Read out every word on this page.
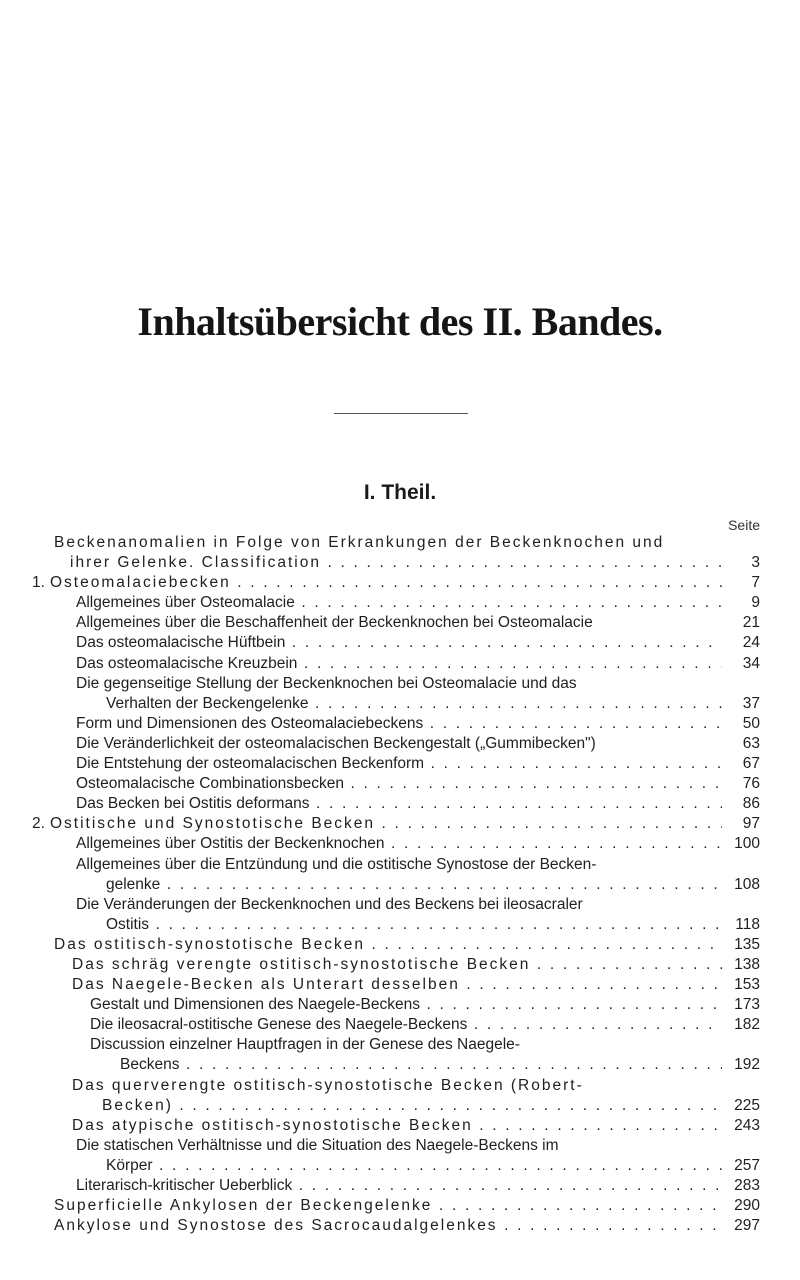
Inhaltsübersicht des II. Bandes.
I. Theil.
Seite
Beckenanomalien in Folge von Erkrankungen der Beckenknochen und
ihrer Gelenke. Classification . . .	3
1. Osteomalaciebecken . . .	7
Allgemeines über Osteomalacie . . .	9
Allgemeines über die Beschaffenheit der Beckenknochen bei Osteomalacie	21
Das osteomalacische Hüftbein . . .	24
Das osteomalacische Kreuzbein . . .	34
Die gegenseitige Stellung der Beckenknochen bei Osteomalacie und das
Verhalten der Beckengelenke . . .	37
Form und Dimensionen des Osteomalaciebeckens . . .	50
Die Veränderlichkeit der osteomalacischen Beckengestalt („Gummibecken")	63
Die Entstehung der osteomalacischen Beckenform . . .	67
Osteomalacische Combinationsbecken . . .	76
Das Becken bei Ostitis deformans . . .	86
2. Ostitische und Synostotische Becken . . .	97
Allgemeines über Ostitis der Beckenknochen . . .	100
Allgemeines über die Entzündung und die ostitische Synostose der Becken-
gelenke . . .	108
Die Veränderungen der Beckenknochen und des Beckens bei ileosacraler
Ostitis . . .	118
Das ostitisch-synostotische Becken . . .	135
Das schräg verengte ostitisch-synostotische Becken . . .	138
Das Naegele-Becken als Unterart desselben . . .	153
Gestalt und Dimensionen des Naegele-Beckens . . .	173
Die ileosacral-ostitische Genese des Naegele-Beckens . . .	182
Discussion einzelner Hauptfragen in der Genese des Naegele-
Beckens . . .	192
Das querverengte ostitisch-synostotische Becken (Robert-
Becken) . . .	225
Das atypische ostitisch-synostotische Becken . . .	243
Die statischen Verhältnisse und die Situation des Naegele-Beckens im
Körper . . .	257
Literarisch-kritischer Ueberblick . . .	283
Superficielle Ankylosen der Beckengelenke . . .	290
Ankylose und Synostose des Sacrocaudalgelenkes . . .	297
